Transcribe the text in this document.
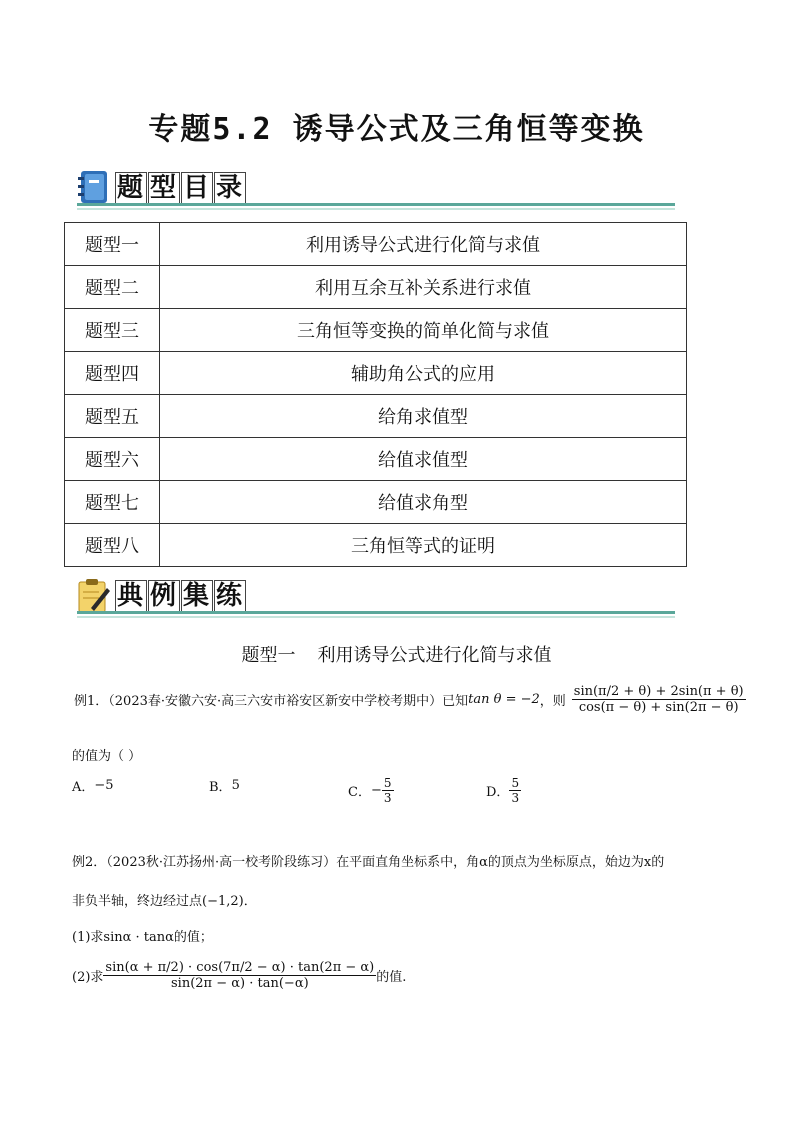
专题5.2 诱导公式及三角恒等变换
题 型 目 录
题型一	利用诱导公式进行化简与求值
题型二	利用互余互补关系进行求值
题型三	三角恒等变换的简单化简与求值
题型四	辅助角公式的应用
题型五	给角求值型
题型六	给值求值型
题型七	给值求角型
题型八	三角恒等式的证明
典 例 集 练
题型一 利用诱导公式进行化简与求值
例1．（2023春·安徽六安·高三六安市裕安区新安中学校考期中）已知 tan θ = −2 ，则 $\frac{\sin(\pi/2 + \theta) + 2\sin(\pi + \theta)}{\cos(\pi - \theta) + \sin(2\pi - \theta)}$
的值为（ ）
A． −5	B． 5	C． − $\frac{5}{3}$	D． $\frac{5}{3}$
例2．（2023秋·江苏扬州·高一校考阶段练习）在平面直角坐标系中，角α的顶点为坐标原点，始边为x的
非负半轴，终边经过点(−1,2)．
(1)求sinα · tanα的值；
(2)求 $\frac{\sin(\alpha + \pi/2) \cdot \cos(7\pi/2 - \alpha) \cdot \tan(2\pi - \alpha)}{\sin(2\pi - \alpha) \cdot \tan(-\alpha)}$ 的值.
